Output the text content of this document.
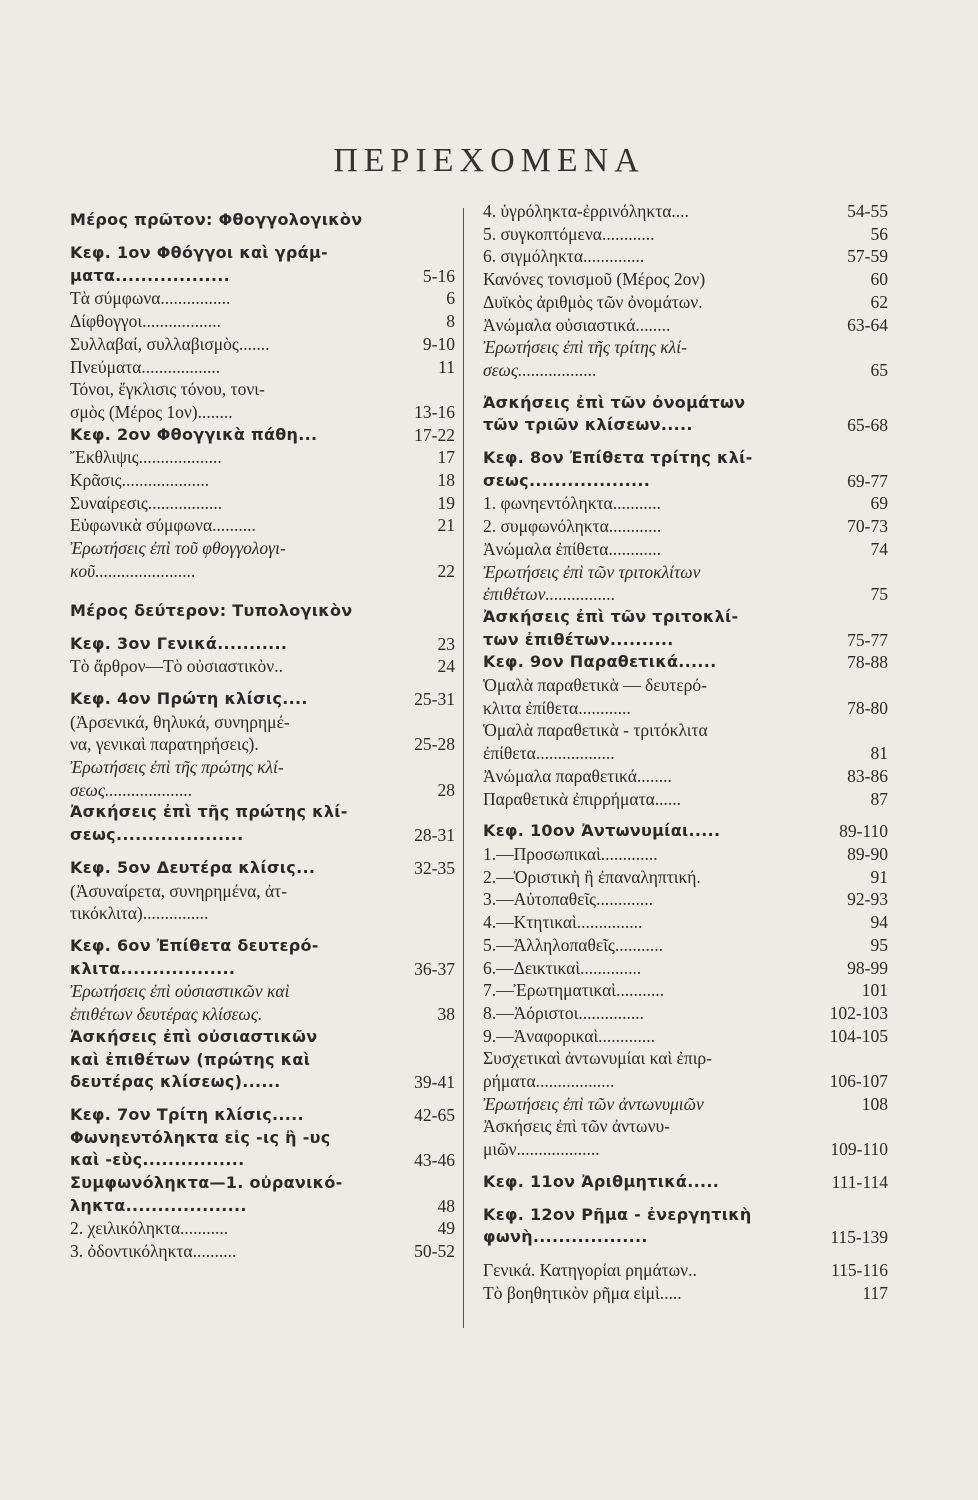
ΠΕΡΙΕΧΟΜΕΝΑ
Μέρος πρῶτον: Φθογγολογικὸν
Κεφ. 1ον Φθόγγοι καὶ γράμ-
ματα..................	5-16
Τὰ σύμφωνα................	6
Δίφθογγοι..................	8
Συλλαβαί, συλλαβισμὸς.......	9-10
Πνεύματα..................	11
Τόνοι, ἔγκλισις τόνου, τονι-
σμὸς (Μέρος 1ον)........	13-16
Κεφ. 2ον Φθογγικὰ πάθη...	17-22
Ἔκθλιψις...................	17
Κρᾶσις....................	18
Συναίρεσις.................	19
Εὐφωνικὰ σύμφωνα..........	21
Ἐρωτήσεις ἐπὶ τοῦ φθογγολογι-
κοῦ.......................	22
Μέρος δεύτερον: Τυπολογικὸν
Κεφ. 3ον Γενικά...........	23
Τὸ ἄρθρον—Τὸ οὐσιαστικὸν..	24
Κεφ. 4ον Πρώτη κλίσις....	25-31
(Ἀρσενικά, θηλυκά, συνηρημέ-
να, γενικαὶ παρατηρήσεις).	25-28
Ἐρωτήσεις ἐπὶ τῆς πρώτης κλί-
σεως....................	28
Ἀσκήσεις ἐπὶ τῆς πρώτης κλί-
σεως....................	28-31
Κεφ. 5ον Δευτέρα κλίσις...	32-35
(Ἀσυναίρετα, συνηρημένα, ἀτ-
τικόκλιτα)...............
Κεφ. 6ον Ἐπίθετα δευτερό-
κλιτα..................	36-37
Ἐρωτήσεις ἐπὶ οὐσιαστικῶν καὶ
ἐπιθέτων δευτέρας κλίσεως.	38
Ἀσκήσεις ἐπὶ οὐσιαστικῶν
καὶ ἐπιθέτων (πρώτης καὶ
δευτέρας κλίσεως)......	39-41
Κεφ. 7ον Τρίτη κλίσις.....	42-65
Φωνηεντόληκτα εἰς -ις ἢ -υς
καὶ -εὺς................	43-46
Συμφωνόληκτα—1. οὐρανικό-
ληκτα...................	48
2. χειλικόληκτα...........	49
3. ὀδοντικόληκτα..........	50-52
4. ὑγρόληκτα-ἐρρινόληκτα....	54-55
5. συγκοπτόμενα............	56
6. σιγμόληκτα..............	57-59
Κανόνες τονισμοῦ (Μέρος 2ον)	60
Δυϊκὸς ἀριθμὸς τῶν ὀνομάτων.	62
Ἀνώμαλα οὐσιαστικά........	63-64
Ἐρωτήσεις ἐπὶ τῆς τρίτης κλί-
σεως..................	65
Ἀσκήσεις ἐπὶ τῶν ὀνομάτων
τῶν τριῶν κλίσεων.....	65-68
Κεφ. 8ον Ἐπίθετα τρίτης κλί-
σεως...................	69-77
1. φωνηεντόληκτα...........	69
2. συμφωνόληκτα............	70-73
Ἀνώμαλα ἐπίθετα............	74
Ἐρωτήσεις ἐπὶ τῶν τριτοκλίτων
ἐπιθέτων................	75
Ἀσκήσεις ἐπὶ τῶν τριτοκλί-
των ἐπιθέτων..........	75-77
Κεφ. 9ον Παραθετικά......	78-88
Ὁμαλὰ παραθετικὰ — δευτερό-
κλιτα ἐπίθετα............	78-80
Ὁμαλὰ παραθετικὰ - τριτόκλιτα
ἐπίθετα..................	81
Ἀνώμαλα παραθετικά........	83-86
Παραθετικὰ ἐπιρρήματα......	87
Κεφ. 10ον Ἀντωνυμίαι.....	89-110
1.—Προσωπικαὶ.............	89-90
2.—Ὁριστικὴ ἢ ἐπαναληπτική.	91
3.—Αὐτοπαθεῖς.............	92-93
4.—Κτητικαὶ...............	94
5.—Ἀλληλοπαθεῖς...........	95
6.—Δεικτικαὶ..............	98-99
7.—Ἐρωτηματικαὶ...........	101
8.—Ἀόριστοι...............	102-103
9.—Ἀναφορικαὶ.............	104-105
Συσχετικαὶ ἀντωνυμίαι καὶ ἐπιρ-
ρήματα..................	106-107
Ἐρωτήσεις ἐπὶ τῶν ἀντωνυμιῶν	108
Ἀσκήσεις ἐπὶ τῶν ἀντωνυ-
μιῶν...................	109-110
Κεφ. 11ον Ἀριθμητικά.....	111-114
Κεφ. 12ον Ρῆμα - ἐνεργητικὴ
φωνὴ..................	115-139
Γενικά. Κατηγορίαι ρημάτων..	115-116
Τὸ βοηθητικὸν ρῆμα εἰμὶ.....	117
